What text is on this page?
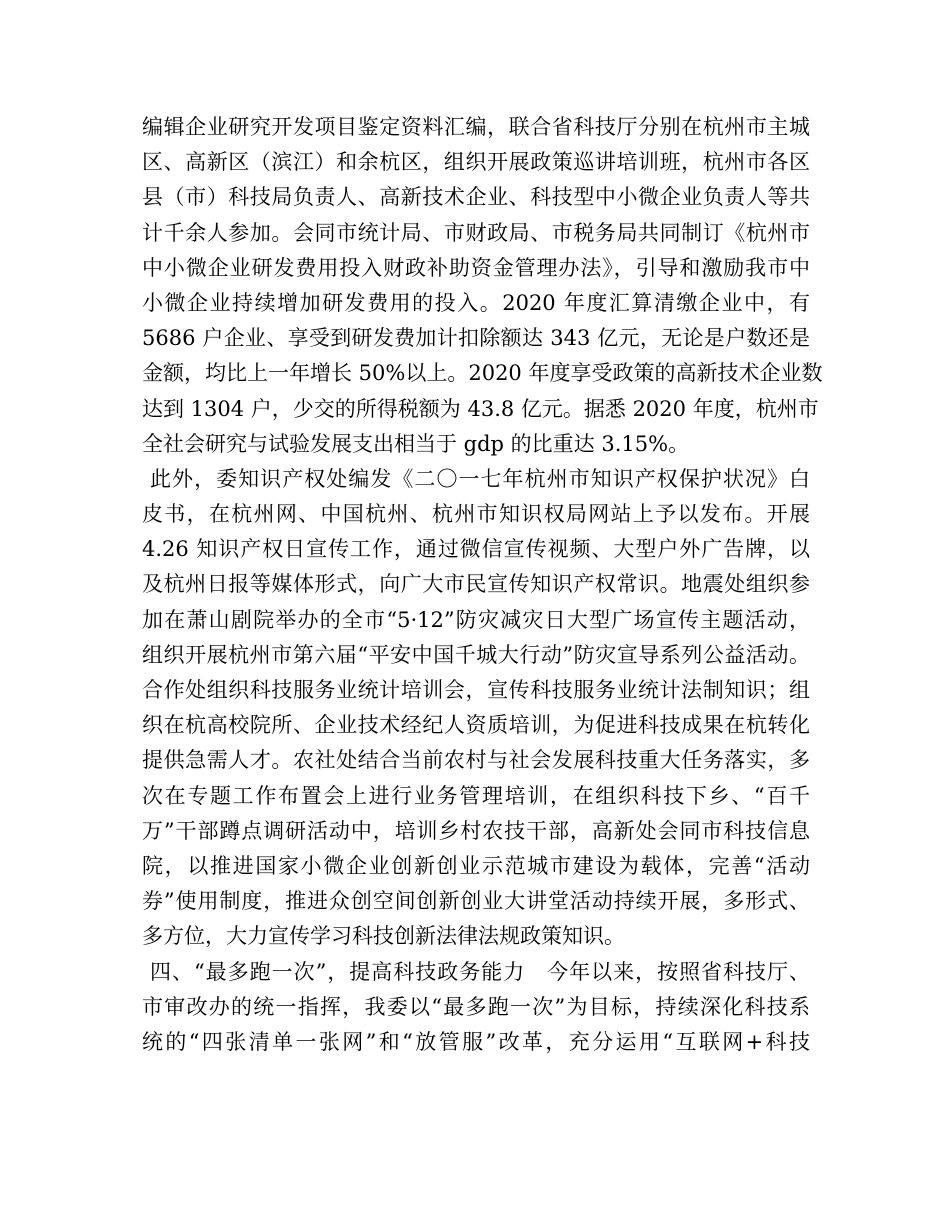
编辑企业研究开发项目鉴定资料汇编，联合省科技厅分别在杭州市主城
区、高新区（滨江）和余杭区，组织开展政策巡讲培训班，杭州市各区
县（市）科技局负责人、高新技术企业、科技型中小微企业负责人等共
计千余人参加。会同市统计局、市财政局、市税务局共同制订《杭州市
中小微企业研发费用投入财政补助资金管理办法》，引导和激励我市中
小微企业持续增加研发费用的投入。2020 年度汇算清缴企业中，有
5686 户企业、享受到研发费加计扣除额达 343 亿元，无论是户数还是
金额，均比上一年增长 50%以上。2020 年度享受政策的高新技术企业数
达到 1304 户，少交的所得税额为 43.8 亿元。据悉 2020 年度，杭州市
全社会研究与试验发展支出相当于 gdp 的比重达 3.15%。
此外，委知识产权处编发《二〇一七年杭州市知识产权保护状况》白
皮书，在杭州网、中国杭州、杭州市知识权局网站上予以发布。开展
4.26 知识产权日宣传工作，通过微信宣传视频、大型户外广告牌，以
及杭州日报等媒体形式，向广大市民宣传知识产权常识。地震处组织参
加在萧山剧院举办的全市“5·12”防灾减灾日大型广场宣传主题活动，
组织开展杭州市第六届“平安中国千城大行动”防灾宣导系列公益活动。
合作处组织科技服务业统计培训会，宣传科技服务业统计法制知识；组
织在杭高校院所、企业技术经纪人资质培训，为促进科技成果在杭转化
提供急需人才。农社处结合当前农村与社会发展科技重大任务落实，多
次在专题工作布置会上进行业务管理培训，在组织科技下乡、“百千
万”干部蹲点调研活动中，培训乡村农技干部，高新处会同市科技信息
院，以推进国家小微企业创新创业示范城市建设为载体，完善“活动
券”使用制度，推进众创空间创新创业大讲堂活动持续开展，多形式、
多方位，大力宣传学习科技创新法律法规政策知识。
四、“最多跑一次”，提高科技政务能力　今年以来，按照省科技厅、
市审改办的统一指挥，我委以“最多跑一次”为目标，持续深化科技系
统的“四张清单一张网”和“放管服”改革，充分运用“互联网+科技
